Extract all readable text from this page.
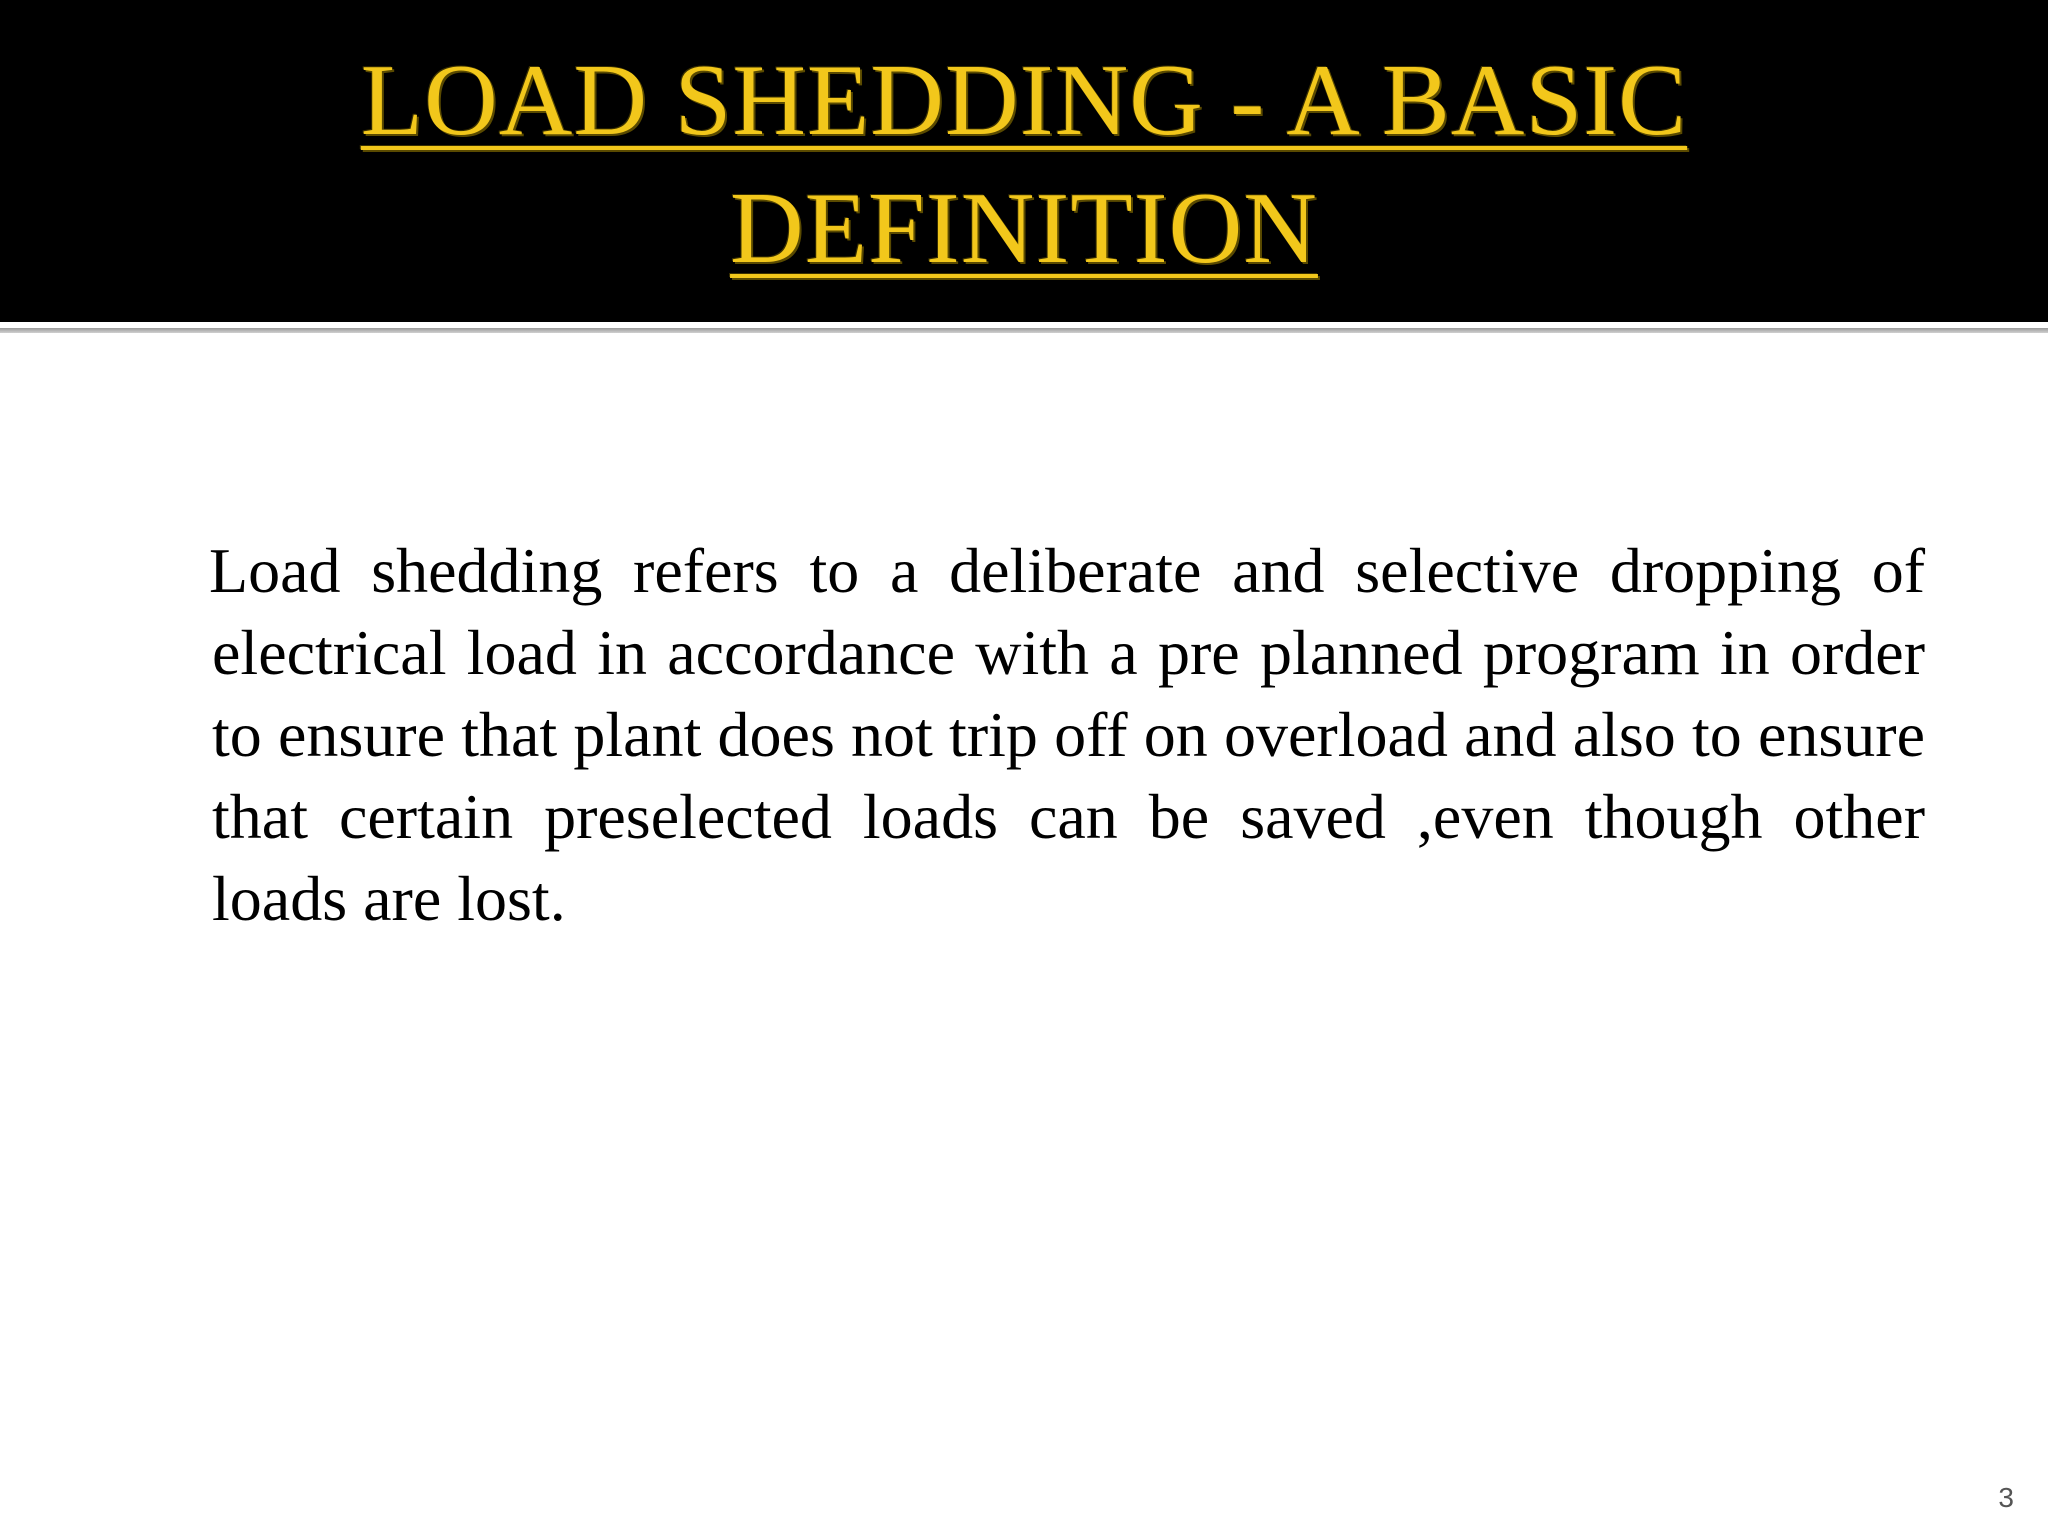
LOAD SHEDDING - A BASIC
DEFINITION

Load shedding refers to a deliberate and selective dropping of electrical load in accordance with a pre planned program in order to ensure that plant does not trip off on overload and also to ensure that certain preselected loads can be saved ,even though other loads are lost.

3
